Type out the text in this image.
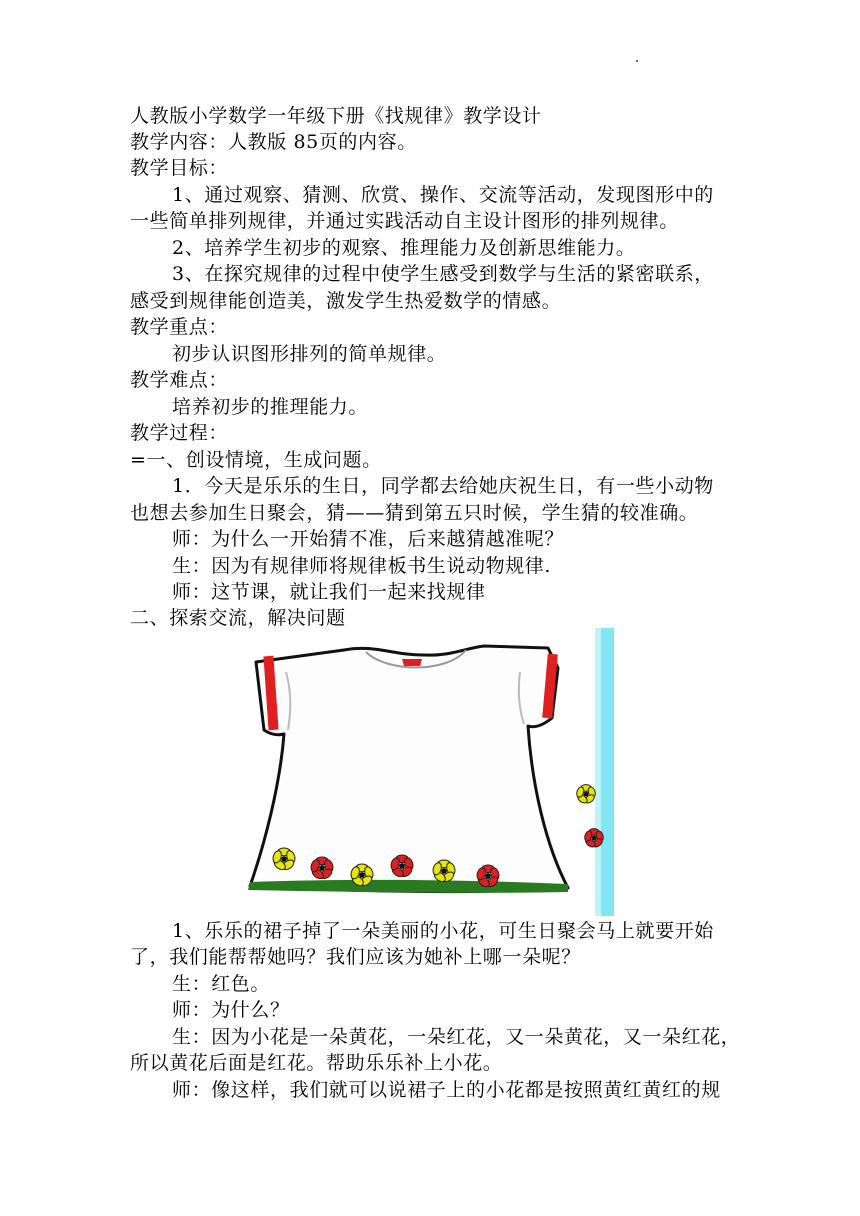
人教版小学数学一年级下册《找规律》教学设计
教学内容：人教版 85页的内容。
教学目标：
1、通过观察、猜测、欣赏、操作、交流等活动，发现图形中的
一些简单排列规律，并通过实践活动自主设计图形的排列规律。
2、培养学生初步的观察、推理能力及创新思维能力。
3、在探究规律的过程中使学生感受到数学与生活的紧密联系，
感受到规律能创造美，激发学生热爱数学的情感。
教学重点：
初步认识图形排列的简单规律。
教学难点：
培养初步的推理能力。
教学过程：
=一、创设情境，生成问题。
1．今天是乐乐的生日，同学都去给她庆祝生日，有一些小动物
也想去参加生日聚会，猜——猜到第五只时候，学生猜的较准确。
师：为什么一开始猜不准，后来越猜越准呢？
生：因为有规律师将规律板书生说动物规律.
师：这节课，就让我们一起来找规律
二、探索交流，解决问题
1、乐乐的裙子掉了一朵美丽的小花，可生日聚会马上就要开始
了，我们能帮帮她吗？我们应该为她补上哪一朵呢？
生：红色。
师：为什么？
生：因为小花是一朵黄花，一朵红花，又一朵黄花，又一朵红花，
所以黄花后面是红花。帮助乐乐补上小花。
师：像这样，我们就可以说裙子上的小花都是按照黄红黄红的规
